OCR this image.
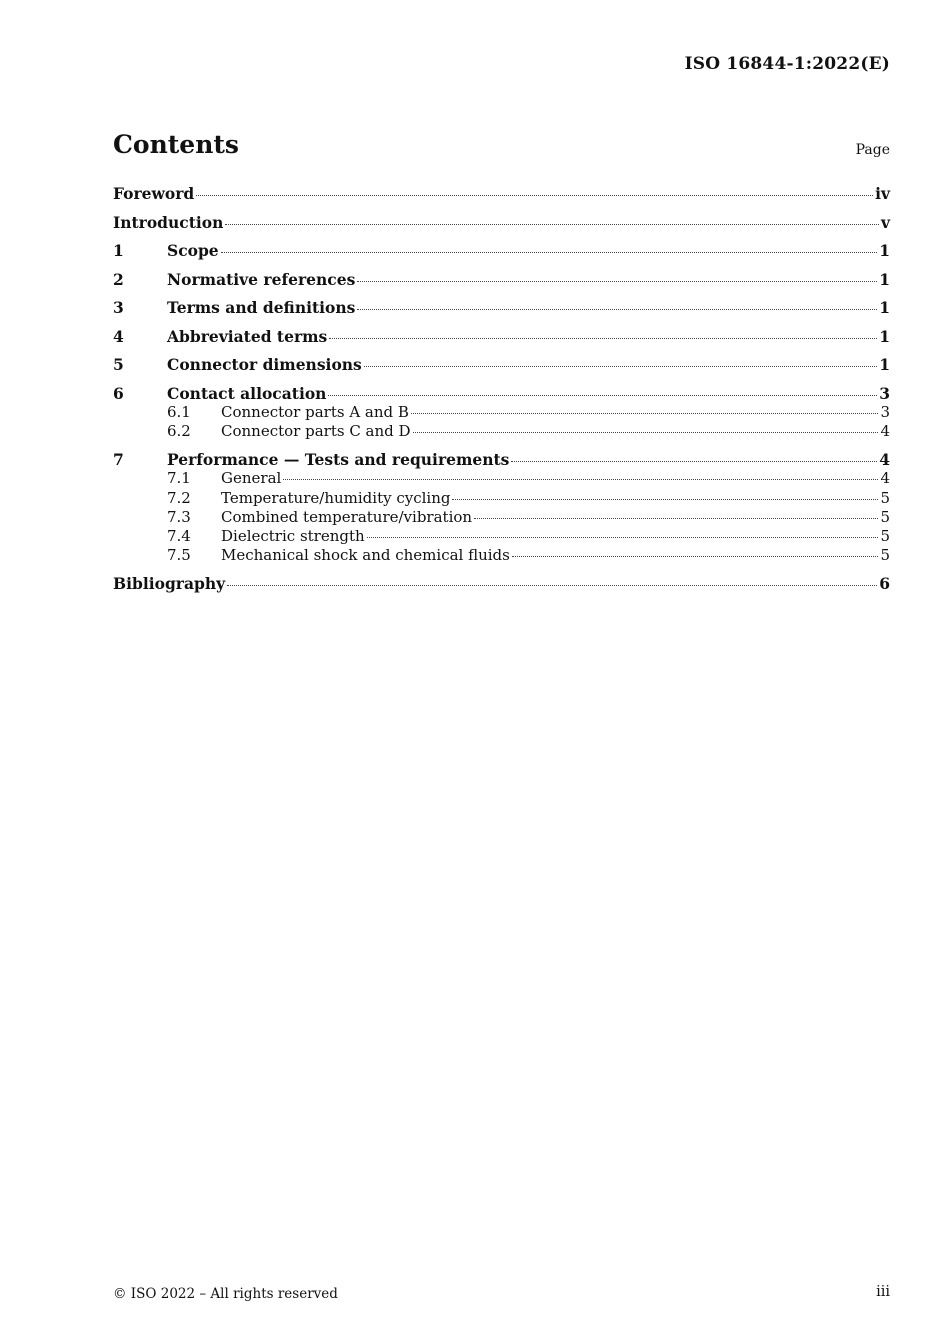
ISO 16844-1:2022(E)
Contents	Page
Foreword	iv
Introduction	v
1	Scope	1
2	Normative references	1
3	Terms and definitions	1
4	Abbreviated terms	1
5	Connector dimensions	1
6	Contact allocation	3
6.1	Connector parts A and B	3
6.2	Connector parts C and D	4
7	Performance — Tests and requirements	4
7.1	General	4
7.2	Temperature/humidity cycling	5
7.3	Combined temperature/vibration	5
7.4	Dielectric strength	5
7.5	Mechanical shock and chemical fluids	5
Bibliography	6
© ISO 2022 – All rights reserved	iii
